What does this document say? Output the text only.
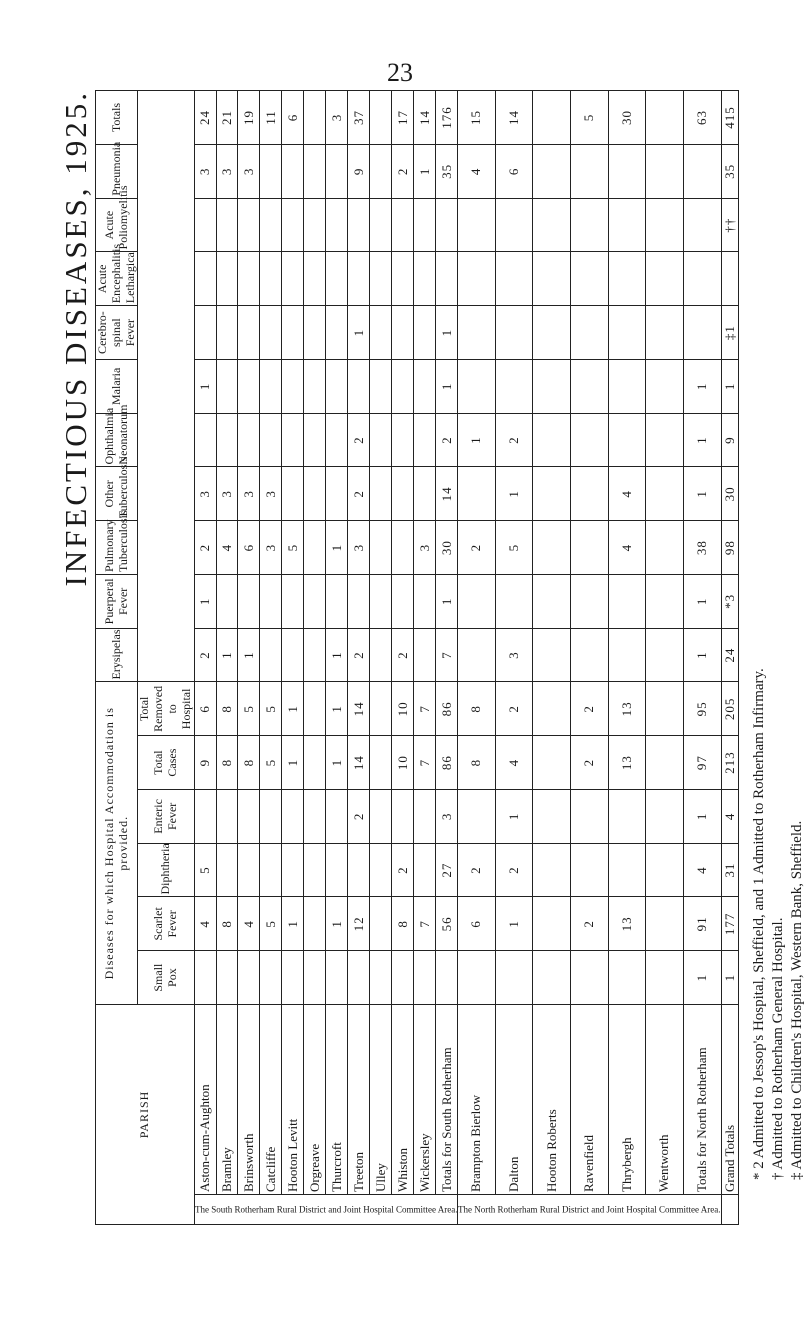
23
INFECTIOUS DISEASES, 1925.
PARISH		Diseases for which Hospital Accommodation is provided.						Erysipelas	Puerperal Fever	Pulmonary Tuberculosis	Other Tuberculosis	Ophthalmia Neonatorum	Malaria	Cerebro-spinal Fever	Acute Encephalitis Lethargica	Acute Poliomyelitis	Pneumonia	Totals
		Small Pox	Scarlet Fever	Diphtheria	Enteric Fever	Total Cases	Total Removed to Hospital											
The South Rotherham Rural District and Joint Hospital Committee Area.	Aston-cum-Aughton		4	5		9	6	2	1	2	3		1				3	24
	Bramley		8			8	8	1		4	3						3	21
	Brinsworth		4			8	5	1		6	3						3	19
	Catcliffe		5			5	5			3	3							11
	Hooton Levitt		1			1	1			5								6
	Orgreave																	
	Thurcroft		1			1	1	1		1								3
	Treeton		12		2	14	14	2		3	2	2		1			9	37
	Ulley																	
	Whiston		8	2		10	10	2									2	17
	Wickersley		7			7	7			3							1	14
	Totals for South Rotherham		56	27	3	86	86	7	1	30	14	2	1	1			35	176
The North Rotherham Rural District and Joint Hospital Committee Area.	Brampton Bierlow		6	2		8	8			2		1					4	15
	Dalton		1	2	1	4	2	3		5	1	2					6	14
	Hooton Roberts																	
	Ravenfield		2			2	2											5
	Thrybergh		13			13	13			4	4							30
	Wentworth																	
	Totals for North Rotherham	1	91	4	1	97	95	1	1	38	1	1	1					63
	Grand Totals	1	177	31	4	213	205	24	*3	98	30	9	1	‡1		††	35	415
* 2 Admitted to Jessop's Hospital, Sheffield, and 1 Admitted to Rotherham Infirmary. † Admitted to Rotherham General Hospital. ‡ Admitted to Children's Hospital, Western Bank, Sheffield.
